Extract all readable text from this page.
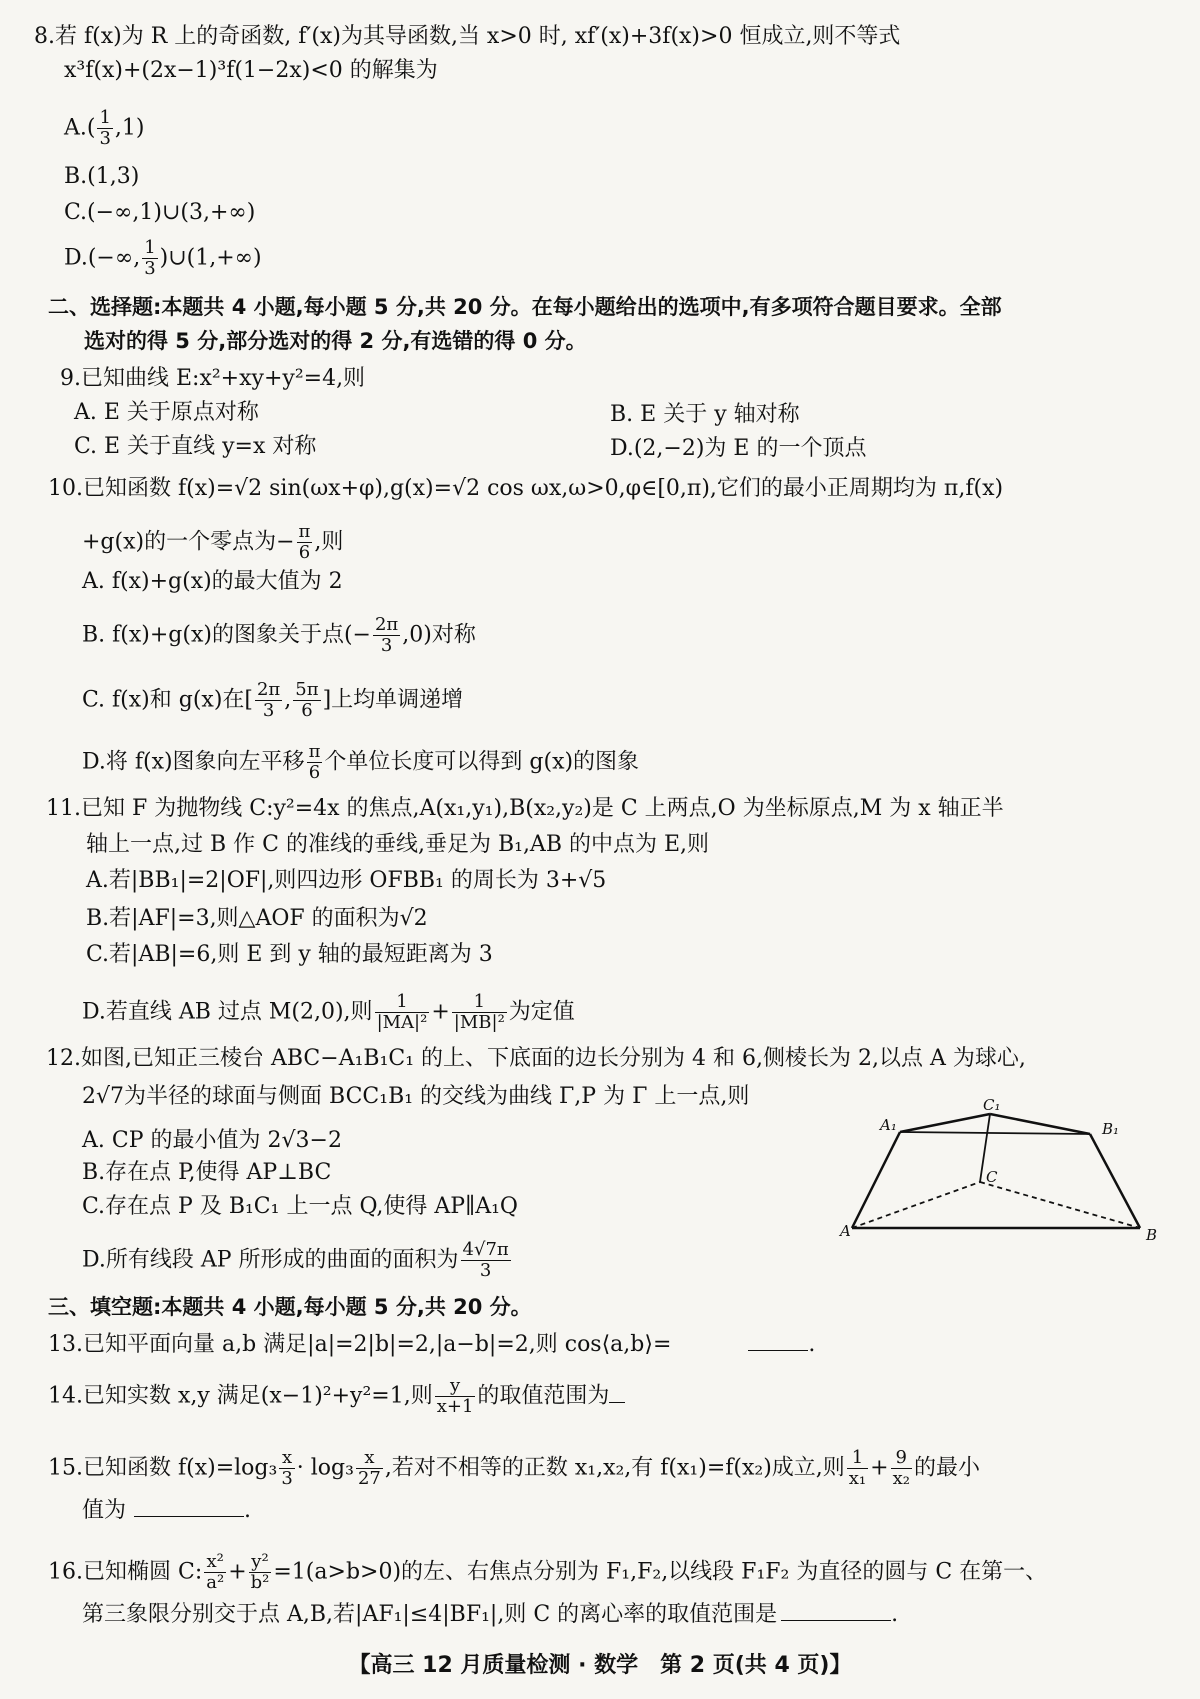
8.若 f(x)为 R 上的奇函数, f′(x)为其导函数,当 x>0 时, xf′(x)+3f(x)>0 恒成立,则不等式
x³f(x)+(2x−1)³f(1−2x)<0 的解集为
$A.( \frac{1}{3} ,1)$
B.(1,3)
C.(−∞,1)∪(3,+∞)
D.(−∞, $\frac{1}{3}$ )∪(1,+∞)
二、选择题:本题共 4 小题,每小题 5 分,共 20 分。在每小题给出的选项中,有多项符合题目要求。全部
选对的得 5 分,部分选对的得 2 分,有选错的得 0 分。
9.已知曲线 E:x²+xy+y²=4,则
A. E 关于原点对称	B. E 关于 y 轴对称
C. E 关于直线 y=x 对称	D.(2,−2)为 E 的一个顶点
10.已知函数 f(x)=√2 sin(ωx+φ),g(x)=√2 cos ωx,ω>0,φ∈[0,π),它们的最小正周期均为 π,f(x)
+g(x)的一个零点为− $\frac{\pi}{6}$ ,则
A. f(x)+g(x)的最大值为 2
B. f(x)+g(x)的图象关于点(− $\frac{2\pi}{3} ,0$)对称
C. f(x)和 g(x)在[ $\frac{2\pi}{3}$ , $\frac{5\pi}{6}$ ]上均单调递增
D.将 f(x)图象向左平移 $\frac{\pi}{6}$ 个单位长度可以得到 g(x)的图象
11.已知 F 为抛物线 C:y²=4x 的焦点,A(x₁,y₁),B(x₂,y₂)是 C 上两点,O 为坐标原点,M 为 x 轴正半
轴上一点,过 B 作 C 的准线的垂线,垂足为 B₁,AB 的中点为 E,则
A.若|BB₁|=2|OF|,则四边形 OFBB₁ 的周长为 3+√5
B.若|AF|=3,则△AOF 的面积为√2
C.若|AB|=6,则 E 到 y 轴的最短距离为 3
D.若直线 AB 过点 M(2,0),则 $\frac{1}{\text{|MA|²}} + \frac{1}{\text{|MB|²}}$ 为定值
12.如图,已知正三棱台 ABC−A₁B₁C₁ 的上、下底面的边长分别为 4 和 6,侧棱长为 2,以点 A 为球心,
2√7为半径的球面与侧面 BCC₁B₁ 的交线为曲线 Γ,P 为 Γ 上一点,则
A. CP 的最小值为 2√3−2
B.存在点 P,使得 AP⊥BC
C.存在点 P 及 B₁C₁ 上一点 Q,使得 AP∥A₁Q
D.所有线段 AP 所形成的曲面的面积为 $\frac{4√7\pi}{3}$
C₁
A₁	B₁
C
A	B
三、填空题:本题共 4 小题,每小题 5 分,共 20 分。
13.已知平面向量 a,b 满足|a|=2|b|=2,|a−b|=2,则 cos⟨a,b⟩=	.
14.已知实数 x,y 满足(x−1)²+y²=1,则 $\frac{y}{x+1}$ 的取值范围为
15.已知函数 $f(x)=\log_3 \frac{x}{3} \cdot \log_3 \frac{x}{27}$ ,若对不相等的正数 x₁,x₂,有 f(x₁)=f(x₂)成立,则 $\frac{1}{\text{x₁}} + \frac{9}{\text{x₂}}$ 的最小
值为	.
16.已知椭圆 C: $\frac{\text{x²}}{\text{a²}} + \frac{\text{y²}}{\text{b²}} =1(a>b>0)$的左、右焦点分别为 F₁,F₂,以线段 F₁F₂ 为直径的圆与 C 在第一、
第三象限分别交于点 A,B,若|AF₁|≤4|BF₁|,则 C 的离心率的取值范围是	.
【高三 12 月质量检测 · 数学　第 2 页(共 4 页)】
